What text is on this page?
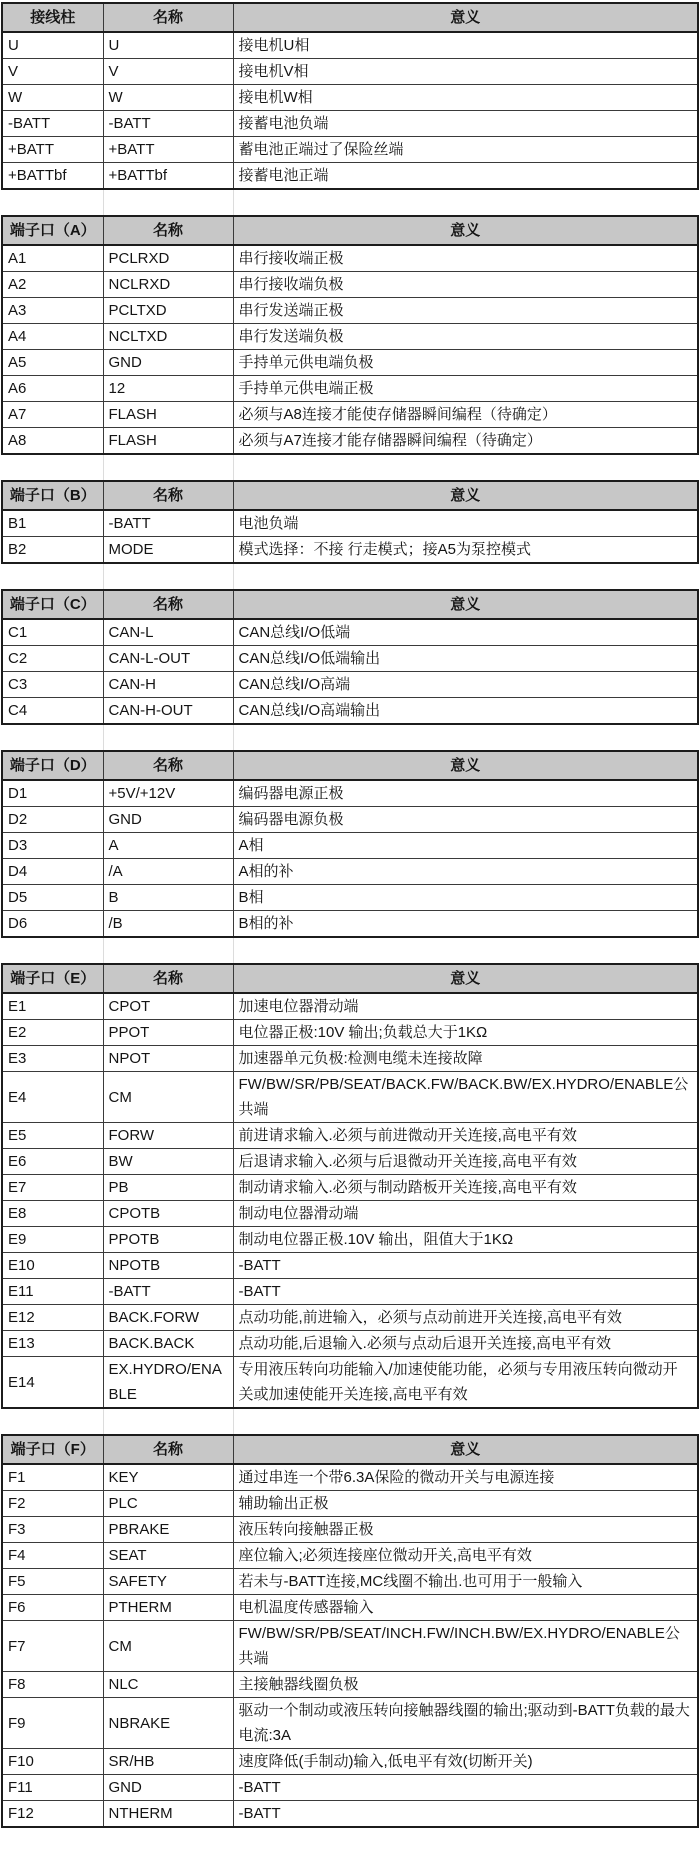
接线柱	名称	意义
U	U	接电机U相
V	V	接电机V相
W	W	接电机W相
-BATT	-BATT	接蓄电池负端
+BATT	+BATT	蓄电池正端过了保险丝端
+BATTbf	+BATTbf	接蓄电池正端
端子口（A）	名称	意义
A1	PCLRXD	串行接收端正极
A2	NCLRXD	串行接收端负极
A3	PCLTXD	串行发送端正极
A4	NCLTXD	串行发送端负极
A5	GND	手持单元供电端负极
A6	12	手持单元供电端正极
A7	FLASH	必须与A8连接才能使存储器瞬间编程（待确定）
A8	FLASH	必须与A7连接才能存储器瞬间编程（待确定）
端子口（B）	名称	意义
B1	-BATT	电池负端
B2	MODE	模式选择：不接 行走模式；接A5为泵控模式
端子口（C）	名称	意义
C1	CAN-L	CAN总线I/O低端
C2	CAN-L-OUT	CAN总线I/O低端输出
C3	CAN-H	CAN总线I/O高端
C4	CAN-H-OUT	CAN总线I/O高端输出
端子口（D）	名称	意义
D1	+5V/+12V	编码器电源正极
D2	GND	编码器电源负极
D3	A	A相
D4	/A	A相的补
D5	B	B相
D6	/B	B相的补
端子口（E）	名称	意义
E1	CPOT	加速电位器滑动端
E2	PPOT	电位器正极:10V 输出;负载总大于1KΩ
E3	NPOT	加速器单元负极:检测电缆未连接故障
E4	CM	FW/BW/SR/PB/SEAT/BACK.FW/BACK.BW/EX.HYDRO/ENABLE公共端
E5	FORW	前进请求输入.必须与前进微动开关连接,高电平有效
E6	BW	后退请求输入.必须与后退微动开关连接,高电平有效
E7	PB	制动请求输入.必须与制动踏板开关连接,高电平有效
E8	CPOTB	制动电位器滑动端
E9	PPOTB	制动电位器正极.10V 输出，阻值大于1KΩ
E10	NPOTB	-BATT
E11	-BATT	-BATT
E12	BACK.FORW	点动功能,前进输入，必须与点动前进开关连接,高电平有效
E13	BACK.BACK	点动功能,后退输入.必须与点动后退开关连接,高电平有效
E14	EX.HYDRO/ENABLE	专用液压转向功能输入/加速使能功能，必须与专用液压转向微动开关或加速使能开关连接,高电平有效
端子口（F）	名称	意义
F1	KEY	通过串连一个带6.3A保险的微动开关与电源连接
F2	PLC	辅助输出正极
F3	PBRAKE	液压转向接触器正极
F4	SEAT	座位输入;必须连接座位微动开关,高电平有效
F5	SAFETY	若未与-BATT连接,MC线圈不输出.也可用于一般输入
F6	PTHERM	电机温度传感器输入
F7	CM	FW/BW/SR/PB/SEAT/INCH.FW/INCH.BW/EX.HYDRO/ENABLE公共端
F8	NLC	主接触器线圈负极
F9	NBRAKE	驱动一个制动或液压转向接触器线圈的输出;驱动到-BATT负载的最大电流:3A
F10	SR/HB	速度降低(手制动)输入,低电平有效(切断开关)
F11	GND	-BATT
F12	NTHERM	-BATT
